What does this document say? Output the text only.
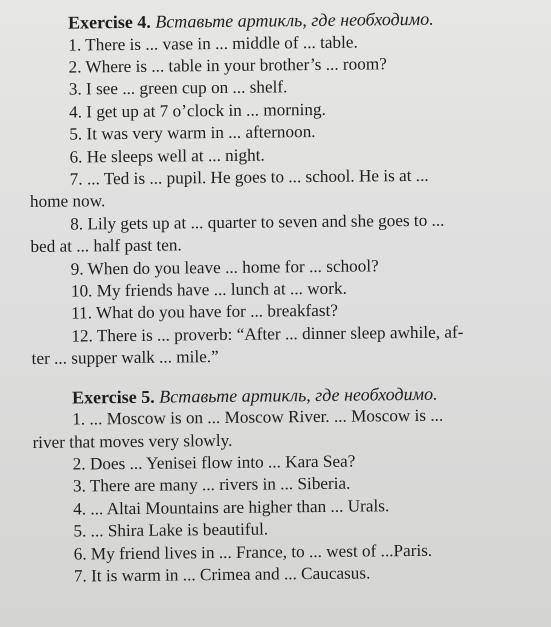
Exercise 4. Вставьте артикль, где необходимо.

1. There is ... vase in ... middle of ... table.

2. Where is ... table in your brother’s ... room?

3. I see ... green cup on ... shelf.

4. I get up at 7 o’clock in ... morning.

5. It was very warm in ... afternoon.

6. He sleeps well at ... night.

7. ... Ted is ... pupil. He goes to ... school. He is at ...

home now.

8. Lily gets up at ... quarter to seven and she goes to ...

bed at ... half past ten.

9. When do you leave ... home for ... school?

10. My friends have ... lunch at ... work.

11. What do you have for ... breakfast?

12. There is ... proverb: “After ... dinner sleep awhile, af-

ter ... supper walk ... mile.”

Exercise 5. Вставьте артикль, где необходимо.

1. ... Moscow is on ... Moscow River. ... Moscow is ...

river that moves very slowly.

2. Does ... Yenisei flow into ... Kara Sea?

3. There are many ... rivers in ... Siberia.

4. ... Altai Mountains are higher than ... Urals.

5. ... Shira Lake is beautiful.

6. My friend lives in ... France, to ... west of ...Paris.

7. It is warm in ... Crimea and ... Caucasus.
